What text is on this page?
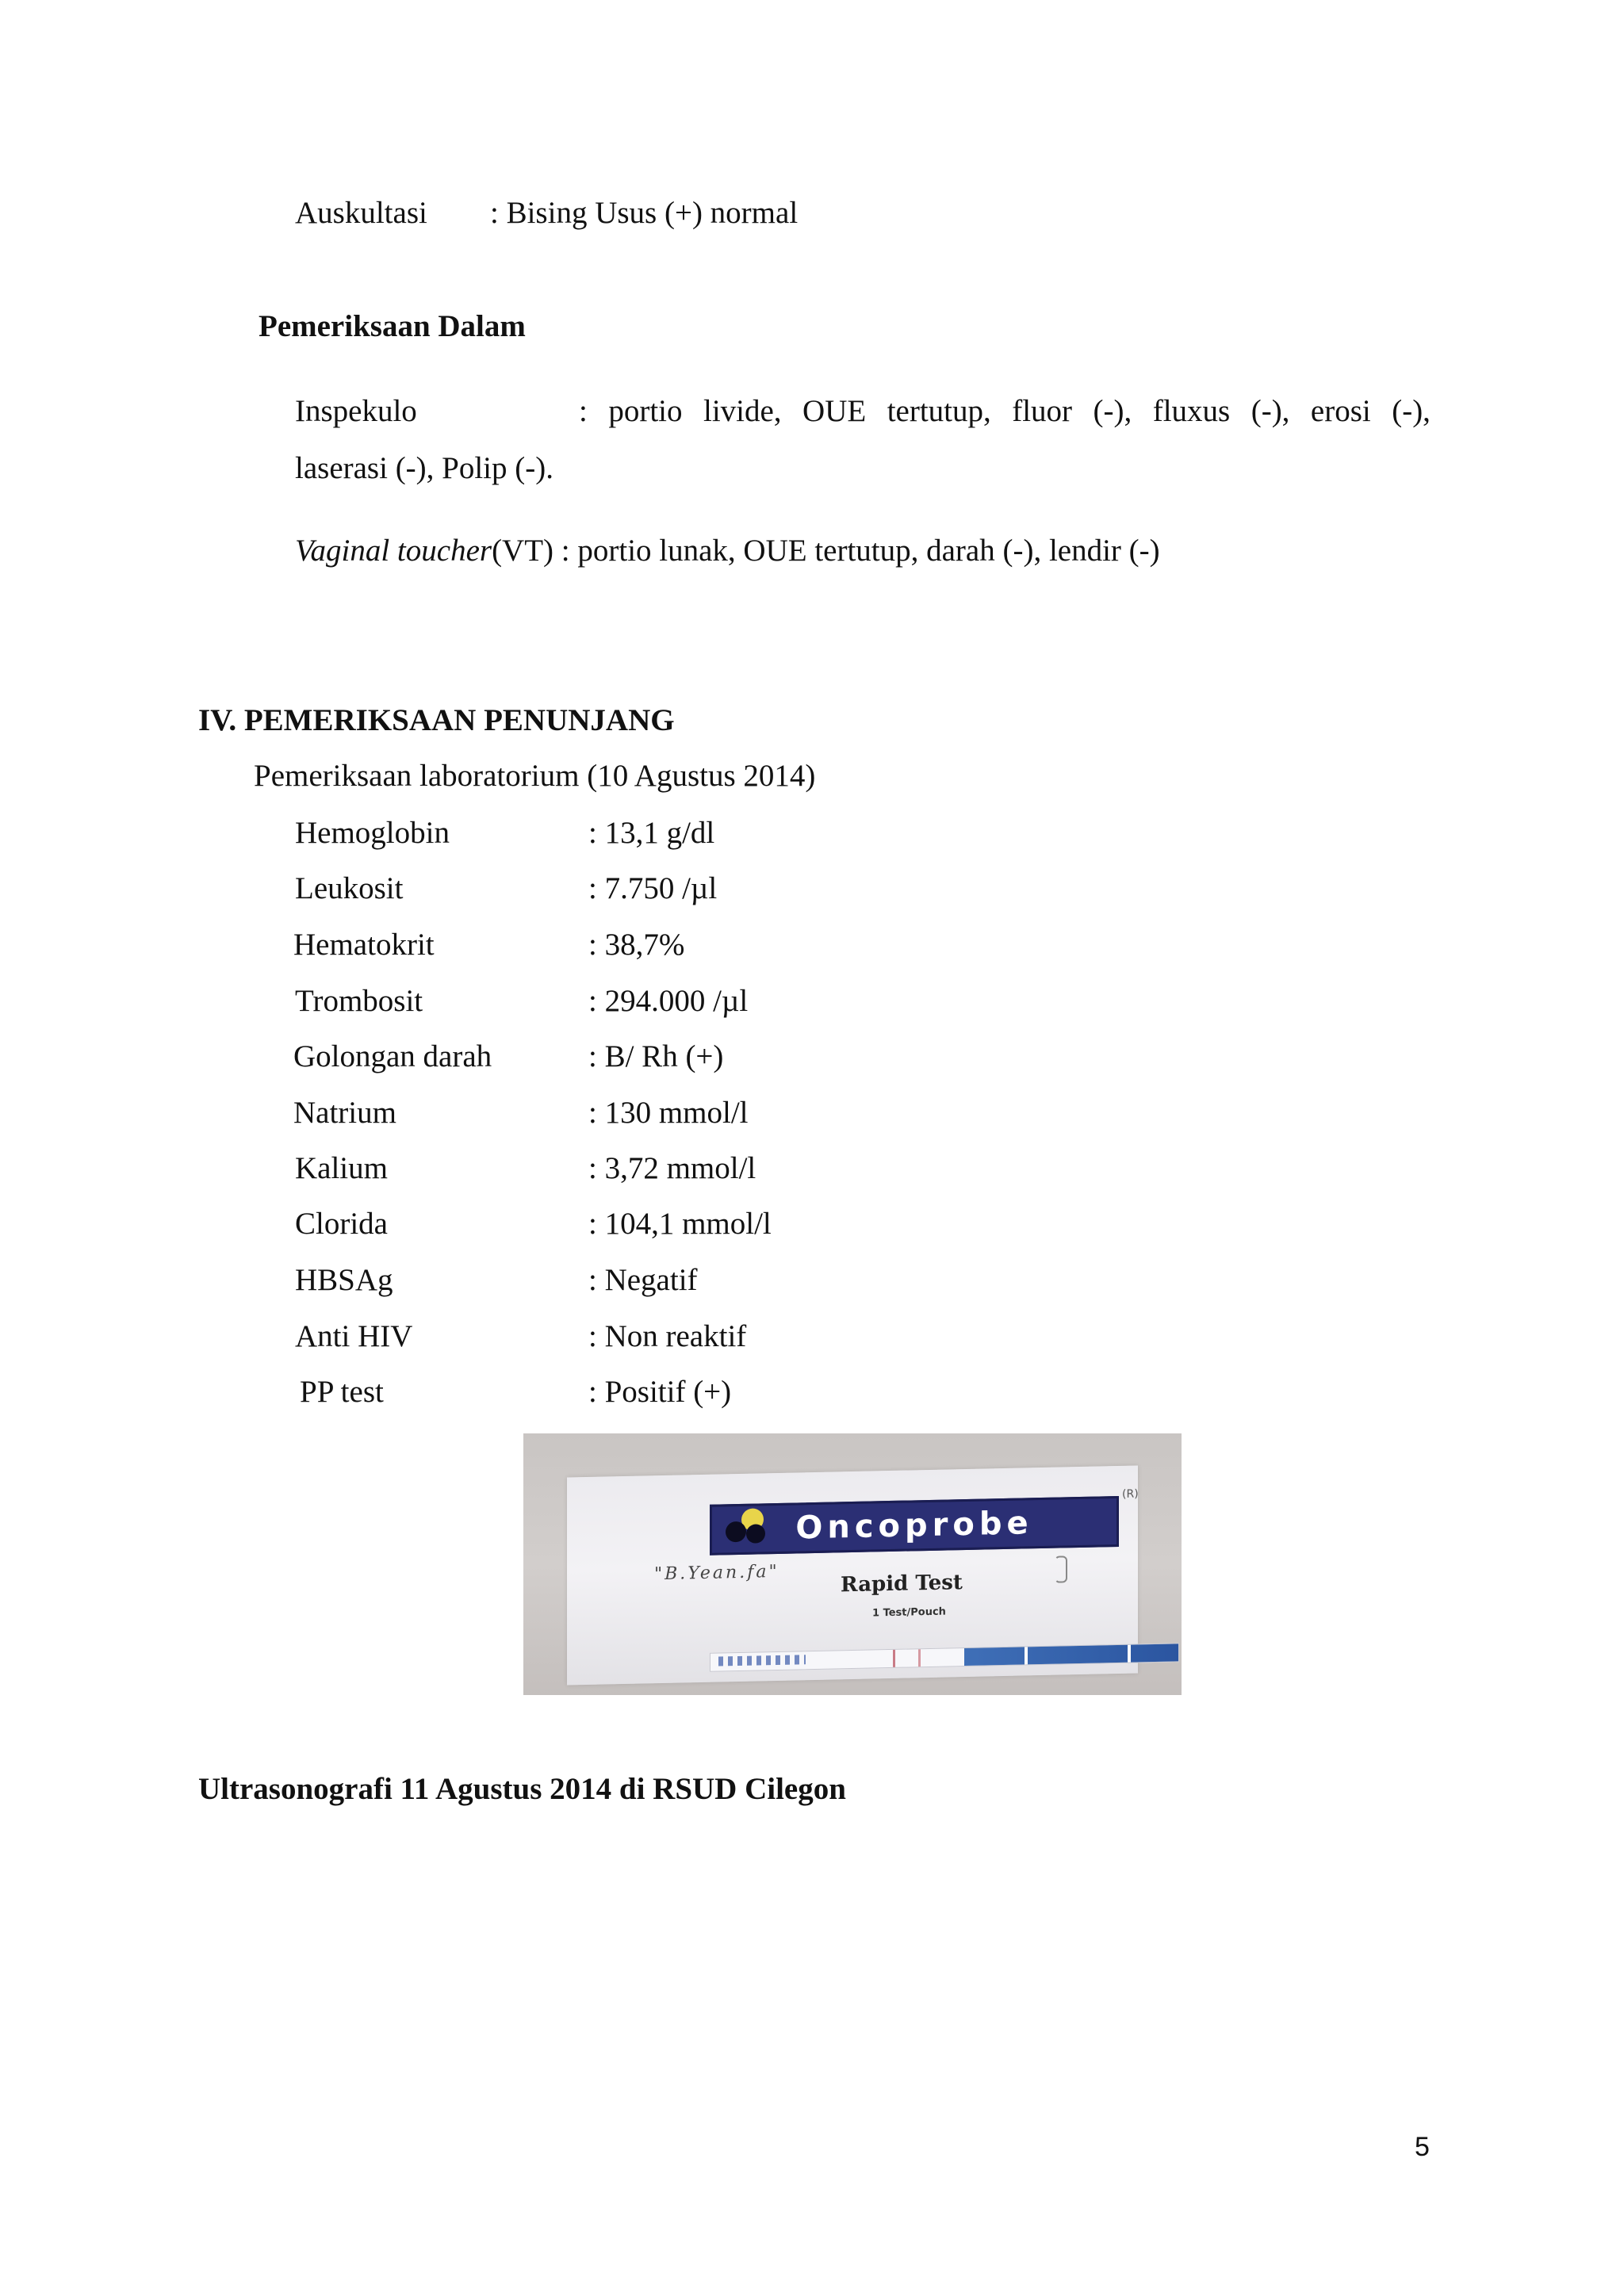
Auskultasi : Bising Usus (+) normal
Pemeriksaan Dalam
Inspekulo	: portio livide, OUE tertutup, fluor (-), fluxus (-), erosi (-),
laserasi (-), Polip (-).
Vaginal toucher(VT) : portio lunak, OUE tertutup, darah (-), lendir (-)
IV. PEMERIKSAAN PENUNJANG
Pemeriksaan laboratorium (10 Agustus 2014)
Hemoglobin	: 13,1 g/dl
Leukosit	: 7.750 /µl
Hematokrit	: 38,7%
Trombosit	: 294.000 /µl
Golongan darah	: B/ Rh (+)
Natrium	: 130 mmol/l
Kalium	: 3,72 mmol/l
Clorida	: 104,1 mmol/l
HBSAg	: Negatif
Anti HIV	: Non reaktif
PP test	: Positif (+)
Oncoprobe
(R)
"B.Yean.fa"	Rapid Test
1 Test/Pouch
Ultrasonografi 11 Agustus 2014 di RSUD Cilegon
5
